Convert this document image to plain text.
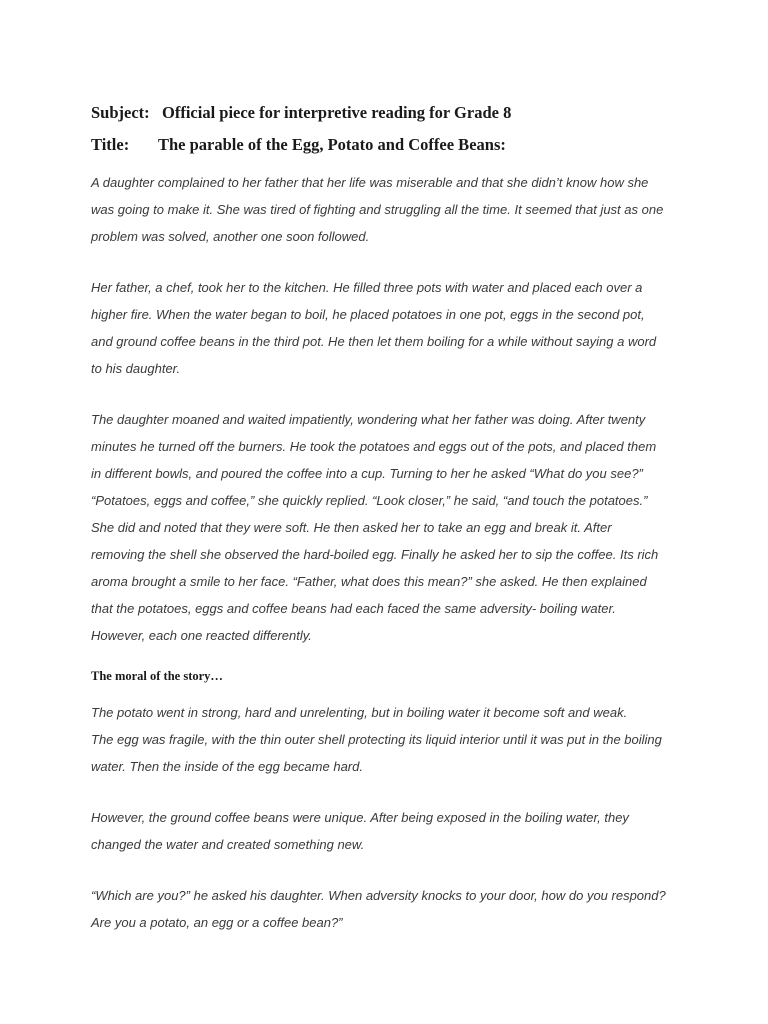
Subject: Official piece for interpretive reading for Grade 8
Title: The parable of the Egg, Potato and Coffee Beans:
A daughter complained to her father that her life was miserable and that she didn’t know how she
was going to make it. She was tired of fighting and struggling all the time. It seemed that just as one
problem was solved, another one soon followed.
Her father, a chef, took her to the kitchen. He filled three pots with water and placed each over a
higher fire. When the water began to boil, he placed potatoes in one pot, eggs in the second pot,
and ground coffee beans in the third pot. He then let them boiling for a while without saying a word
to his daughter.
The daughter moaned and waited impatiently, wondering what her father was doing. After twenty
minutes he turned off the burners. He took the potatoes and eggs out of the pots, and placed them
in different bowls, and poured the coffee into a cup. Turning to her he asked “What do you see?”
“Potatoes, eggs and coffee,” she quickly replied. “Look closer,” he said, “and touch the potatoes.”
She did and noted that they were soft. He then asked her to take an egg and break it. After
removing the shell she observed the hard-boiled egg. Finally he asked her to sip the coffee. Its rich
aroma brought a smile to her face. “Father, what does this mean?” she asked. He then explained
that the potatoes, eggs and coffee beans had each faced the same adversity- boiling water.
However, each one reacted differently.
The moral of the story…
The potato went in strong, hard and unrelenting, but in boiling water it become soft and weak.
The egg was fragile, with the thin outer shell protecting its liquid interior until it was put in the boiling
water. Then the inside of the egg became hard.
However, the ground coffee beans were unique. After being exposed in the boiling water, they
changed the water and created something new.
“Which are you?” he asked his daughter. When adversity knocks to your door, how do you respond?
Are you a potato, an egg or a coffee bean?”
